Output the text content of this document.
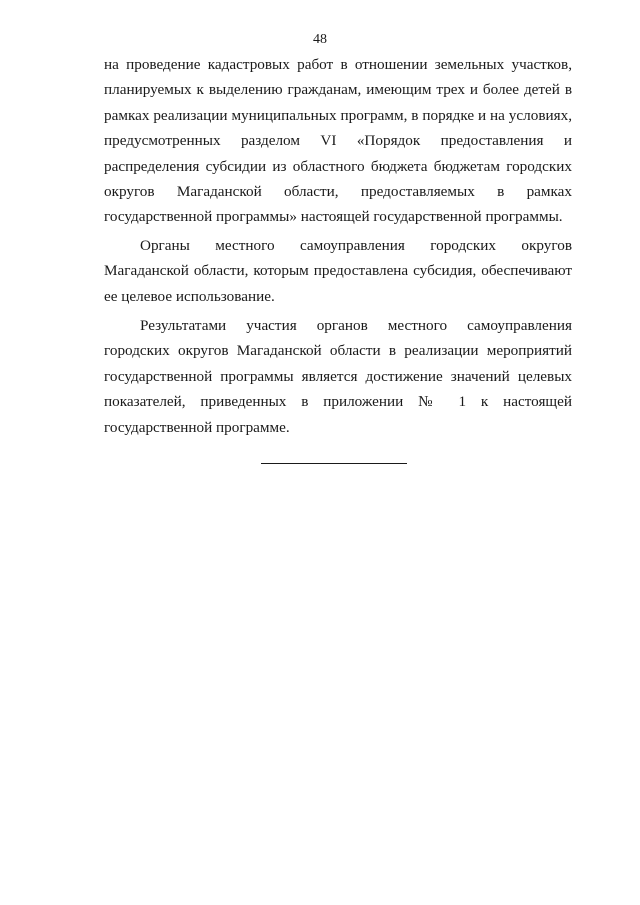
48

на проведение кадастровых работ в отношении земельных участков, планируемых к выделению гражданам, имеющим трех и более детей в рамках реализации муниципальных программ, в порядке и на условиях, предусмотренных разделом VI «Порядок предоставления и распределения субсидии из областного бюджета бюджетам городских округов Магаданской области, предоставляемых в рамках государственной программы» настоящей государственной программы.

Органы местного самоуправления городских округов Магаданской области, которым предоставлена субсидия, обеспечивают ее целевое использование.

Результатами участия органов местного самоуправления городских округов Магаданской области в реализации мероприятий государственной программы является достижение значений целевых показателей, приведенных в приложении № 1 к настоящей государственной программе.
